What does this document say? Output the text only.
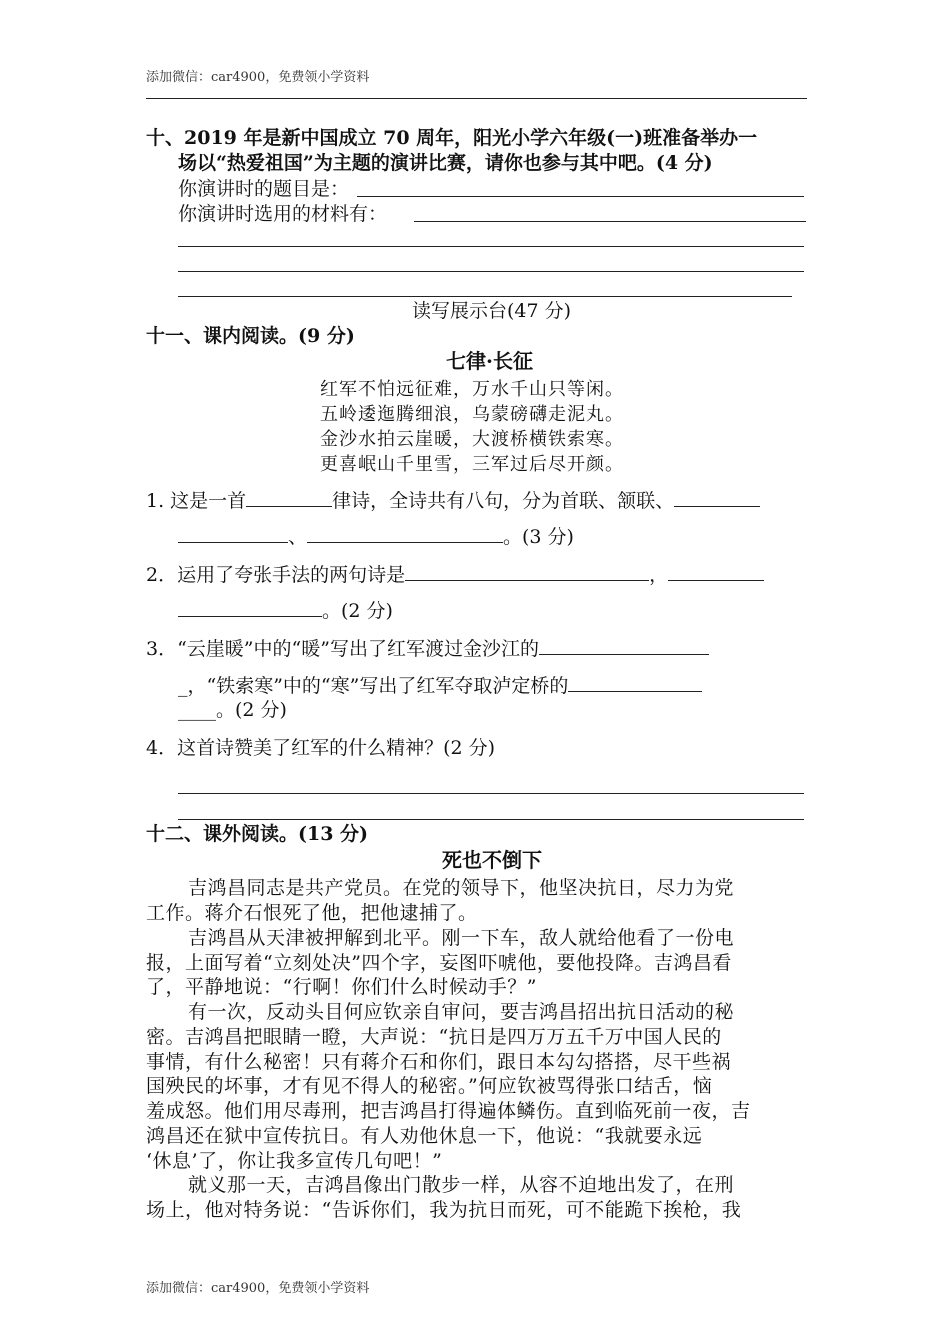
添加微信：car4900，免费领小学资料
十、2019 年是新中国成立 70 周年，阳光小学六年级(一)班准备举办一
场以“热爱祖国”为主题的演讲比赛，请你也参与其中吧。(4 分)
你演讲时的题目是：
你演讲时选用的材料有：
读写展示台(47 分)
十一、课内阅读。(9 分)
七律·长征
红军不怕远征难，万水千山只等闲。
五岭逶迤腾细浪，乌蒙磅礴走泥丸。
金沙水拍云崖暖，大渡桥横铁索寒。
更喜岷山千里雪，三军过后尽开颜。
1. 这是一首	律诗，全诗共有八句，分为首联、颔联、
、	。(3 分)
2．运用了夸张手法的两句诗是	，
。(2 分)
3．“云崖暖”中的“暖”写出了红军渡过金沙江的
_，“铁索寒”中的“寒”写出了红军夺取泸定桥的
____。(2 分)
4．这首诗赞美了红军的什么精神？(2 分)
十二、课外阅读。(13 分)
死也不倒下
吉鸿昌同志是共产党员。在党的领导下，他坚决抗日，尽力为党
工作。蒋介石恨死了他，把他逮捕了。
吉鸿昌从天津被押解到北平。刚一下车，敌人就给他看了一份电
报，上面写着“立刻处决”四个字，妄图吓唬他，要他投降。吉鸿昌看
了，平静地说：“行啊！你们什么时候动手？”
有一次，反动头目何应钦亲自审问，要吉鸿昌招出抗日活动的秘
密。吉鸿昌把眼睛一瞪，大声说：“抗日是四万万五千万中国人民的
事情，有什么秘密！只有蒋介石和你们，跟日本勾勾搭搭，尽干些祸
国殃民的坏事，才有见不得人的秘密。”何应钦被骂得张口结舌，恼
羞成怒。他们用尽毒刑，把吉鸿昌打得遍体鳞伤。直到临死前一夜，吉
鸿昌还在狱中宣传抗日。有人劝他休息一下，他说：“我就要永远
‘休息’了，你让我多宣传几句吧！”
就义那一天，吉鸿昌像出门散步一样，从容不迫地出发了，在刑
场上，他对特务说：“告诉你们，我为抗日而死，可不能跪下挨枪，我
添加微信：car4900，免费领小学资料
